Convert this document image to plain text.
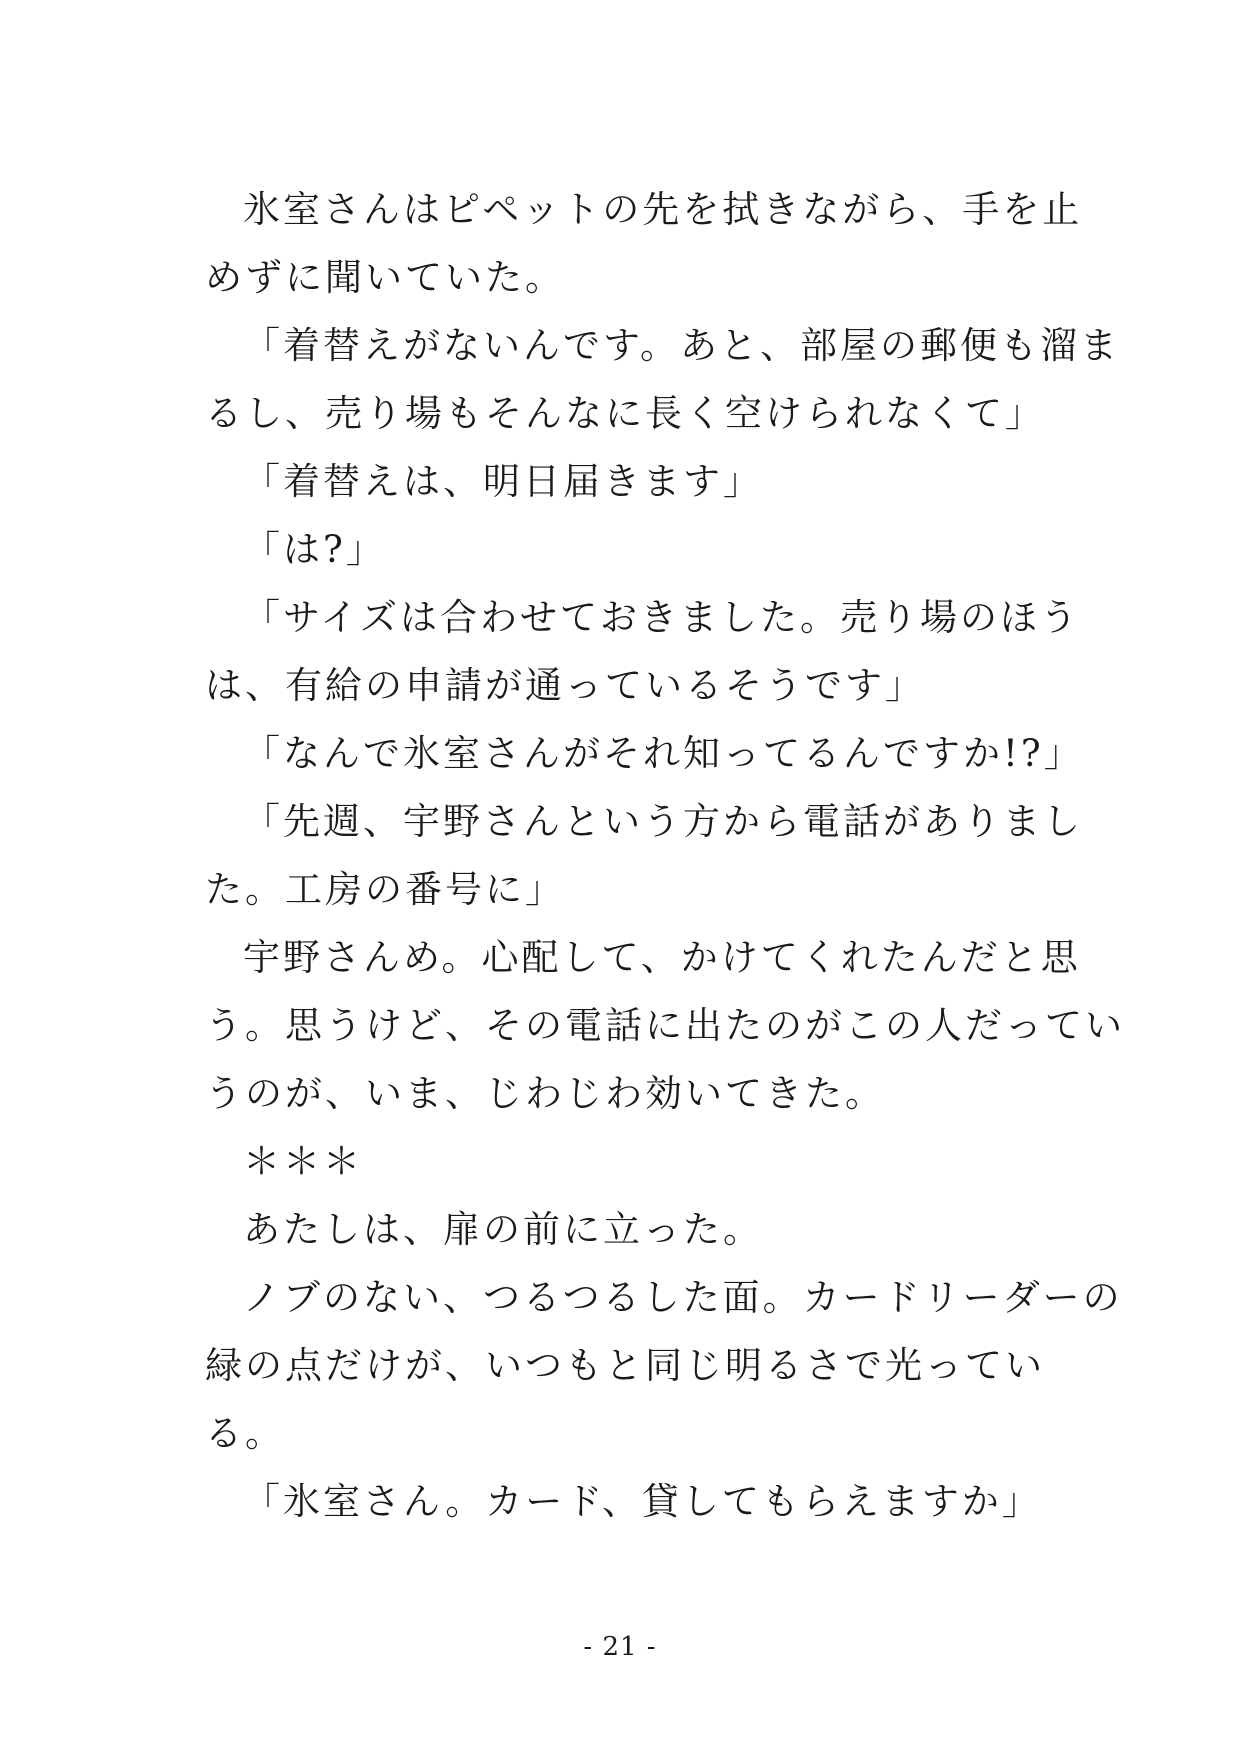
氷室さんはピペットの先を拭きながら、手を止
めずに聞いていた。
「着替えがないんです。あと、部屋の郵便も溜ま
るし、売り場もそんなに長く空けられなくて」
「着替えは、明日届きます」
「は?」
「サイズは合わせておきました。売り場のほう
は、有給の申請が通っているそうです」
「なんで氷室さんがそれ知ってるんですか!?」
「先週、宇野さんという方から電話がありまし
た。工房の番号に」
宇野さんめ。心配して、かけてくれたんだと思
う。思うけど、その電話に出たのがこの人だってい
うのが、いま、じわじわ効いてきた。
＊＊＊
あたしは、扉の前に立った。
ノブのない、つるつるした面。カードリーダーの
緑の点だけが、いつもと同じ明るさで光ってい
る。
「氷室さん。カード、貸してもらえますか」
- 21 -
